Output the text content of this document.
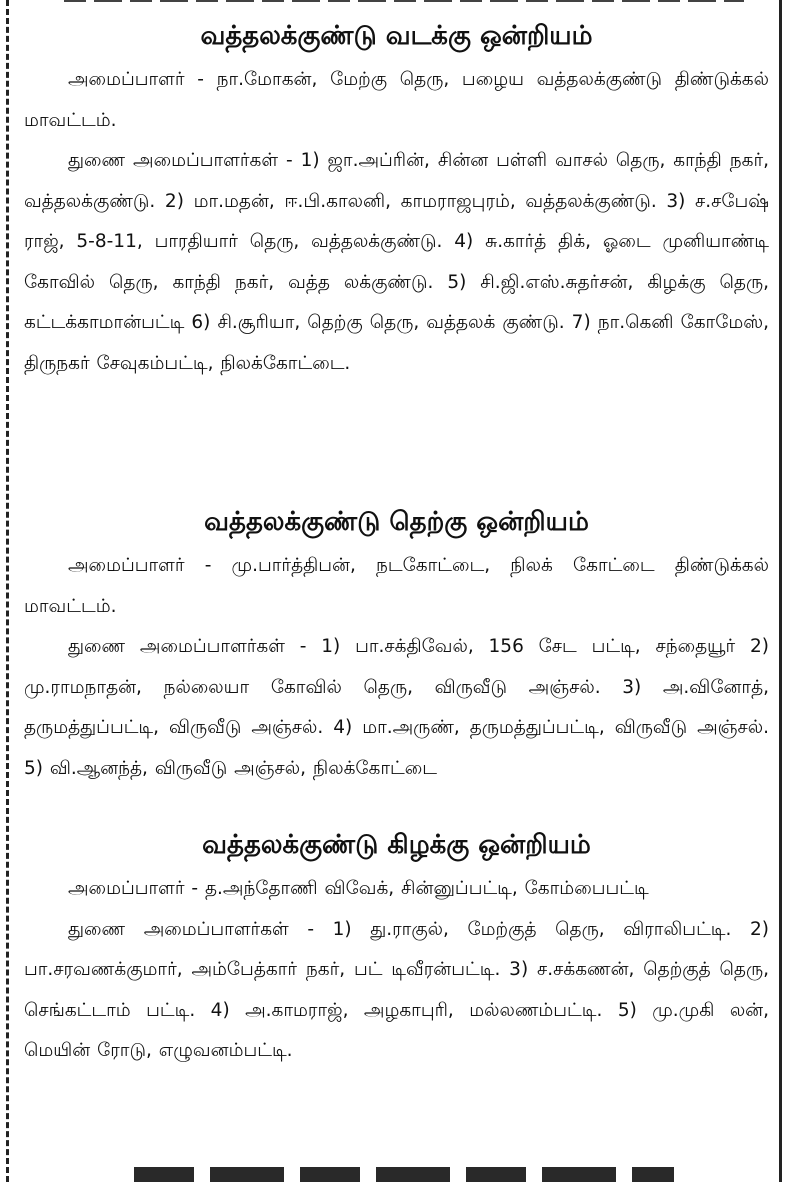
வத்தலக்குண்டு வடக்கு ஒன்றியம்

அமைப்பாளர் - நா.மோகன், மேற்கு தெரு, பழைய வத்தலக்குண்டு திண்டுக்கல் மாவட்டம்.

துணை அமைப்பாளர்கள் - 1) ஜா.அப்ரின், சின்ன பள்ளி வாசல் தெரு, காந்தி நகர், வத்தலக்குண்டு. 2) மா.மதன், ஈ.பி.காலனி, காமராஜபுரம், வத்தலக்குண்டு. 3) ச.சபேஷ் ராஜ், 5-8-11, பாரதியார் தெரு, வத்தலக்குண்டு. 4) சு.கார்த் திக், ஓடை முனியாண்டி கோவில் தெரு, காந்தி நகர், வத்த லக்குண்டு. 5) சி.ஜி.எஸ்.சுதர்சன், கிழக்கு தெரு, கட்டக்காமான்பட்டி 6) சி.சூரியா, தெற்கு தெரு, வத்தலக் குண்டு. 7) நா.கெனி கோமேஸ், திருநகர் சேவுகம்பட்டி, நிலக்கோட்டை.

வத்தலக்குண்டு தெற்கு ஒன்றியம்

அமைப்பாளர் - மு.பார்த்திபன், நடகோட்டை, நிலக் கோட்டை திண்டுக்கல் மாவட்டம்.

துணை அமைப்பாளர்கள் - 1) பா.சக்திவேல், 156 சேட பட்டி, சந்தையூர் 2) மு.ராமநாதன், நல்லையா கோவில் தெரு, விருவீடு அஞ்சல். 3) அ.வினோத், தருமத்துப்பட்டி, விருவீடு அஞ்சல். 4) மா.அருண், தருமத்துப்பட்டி, விருவீடு அஞ்சல். 5) வி.ஆனந்த், விருவீடு அஞ்சல், நிலக்கோட்டை

வத்தலக்குண்டு கிழக்கு ஒன்றியம்

அமைப்பாளர் - த.அந்தோணி விவேக், சின்னுப்பட்டி, கோம்பைபட்டி

துணை அமைப்பாளர்கள் - 1) து.ராகுல், மேற்குத் தெரு, விராலிபட்டி. 2) பா.சரவணக்குமார், அம்பேத்கார் நகர், பட் டிவீரன்பட்டி. 3) ச.சக்கணன், தெற்குத் தெரு, செங்கட்டாம் பட்டி. 4) அ.காமராஜ், அழகாபுரி, மல்லணம்பட்டி. 5) மு.முகி லன், மெயின் ரோடு, எழுவனம்பட்டி.
